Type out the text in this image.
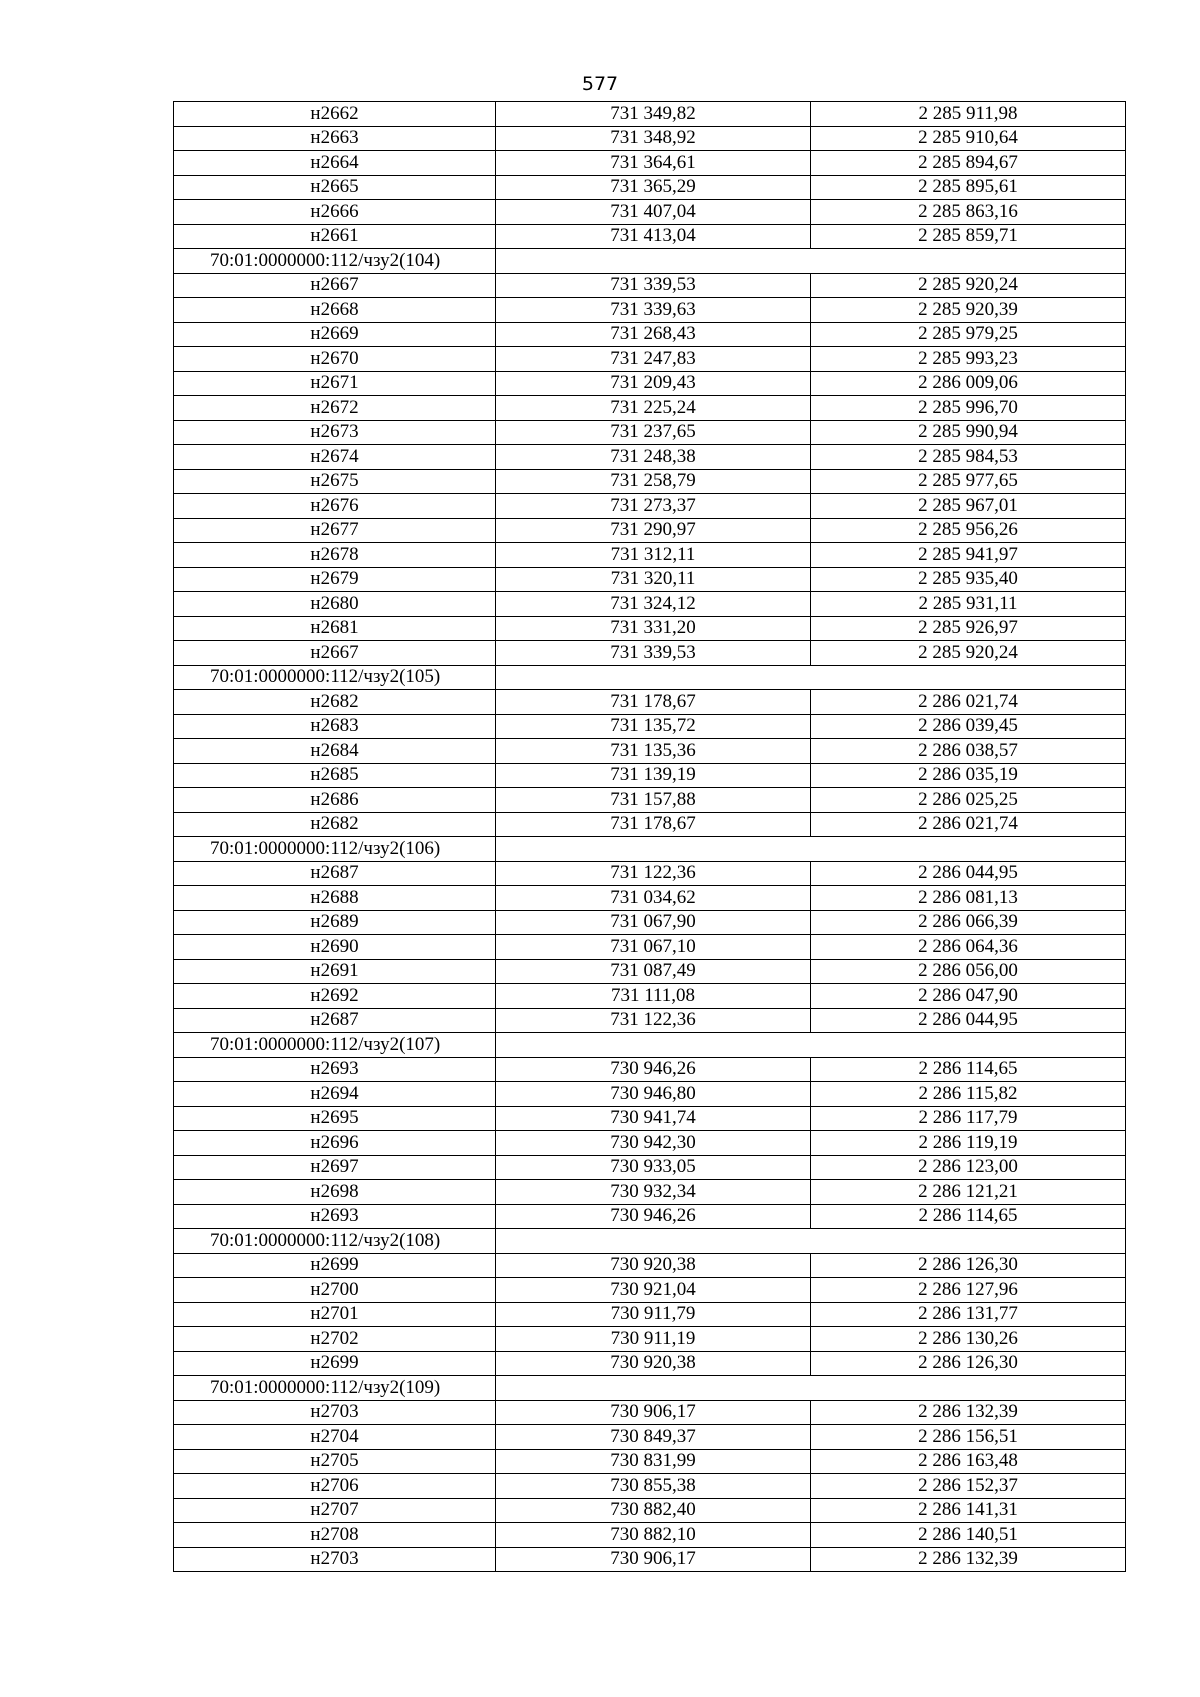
577
н2662	731 349,82	2 285 911,98
н2663	731 348,92	2 285 910,64
н2664	731 364,61	2 285 894,67
н2665	731 365,29	2 285 895,61
н2666	731 407,04	2 285 863,16
н2661	731 413,04	2 285 859,71
70:01:0000000:112/чзу2(104)		
н2667	731 339,53	2 285 920,24
н2668	731 339,63	2 285 920,39
н2669	731 268,43	2 285 979,25
н2670	731 247,83	2 285 993,23
н2671	731 209,43	2 286 009,06
н2672	731 225,24	2 285 996,70
н2673	731 237,65	2 285 990,94
н2674	731 248,38	2 285 984,53
н2675	731 258,79	2 285 977,65
н2676	731 273,37	2 285 967,01
н2677	731 290,97	2 285 956,26
н2678	731 312,11	2 285 941,97
н2679	731 320,11	2 285 935,40
н2680	731 324,12	2 285 931,11
н2681	731 331,20	2 285 926,97
н2667	731 339,53	2 285 920,24
70:01:0000000:112/чзу2(105)		
н2682	731 178,67	2 286 021,74
н2683	731 135,72	2 286 039,45
н2684	731 135,36	2 286 038,57
н2685	731 139,19	2 286 035,19
н2686	731 157,88	2 286 025,25
н2682	731 178,67	2 286 021,74
70:01:0000000:112/чзу2(106)		
н2687	731 122,36	2 286 044,95
н2688	731 034,62	2 286 081,13
н2689	731 067,90	2 286 066,39
н2690	731 067,10	2 286 064,36
н2691	731 087,49	2 286 056,00
н2692	731 111,08	2 286 047,90
н2687	731 122,36	2 286 044,95
70:01:0000000:112/чзу2(107)		
н2693	730 946,26	2 286 114,65
н2694	730 946,80	2 286 115,82
н2695	730 941,74	2 286 117,79
н2696	730 942,30	2 286 119,19
н2697	730 933,05	2 286 123,00
н2698	730 932,34	2 286 121,21
н2693	730 946,26	2 286 114,65
70:01:0000000:112/чзу2(108)		
н2699	730 920,38	2 286 126,30
н2700	730 921,04	2 286 127,96
н2701	730 911,79	2 286 131,77
н2702	730 911,19	2 286 130,26
н2699	730 920,38	2 286 126,30
70:01:0000000:112/чзу2(109)		
н2703	730 906,17	2 286 132,39
н2704	730 849,37	2 286 156,51
н2705	730 831,99	2 286 163,48
н2706	730 855,38	2 286 152,37
н2707	730 882,40	2 286 141,31
н2708	730 882,10	2 286 140,51
н2703	730 906,17	2 286 132,39
